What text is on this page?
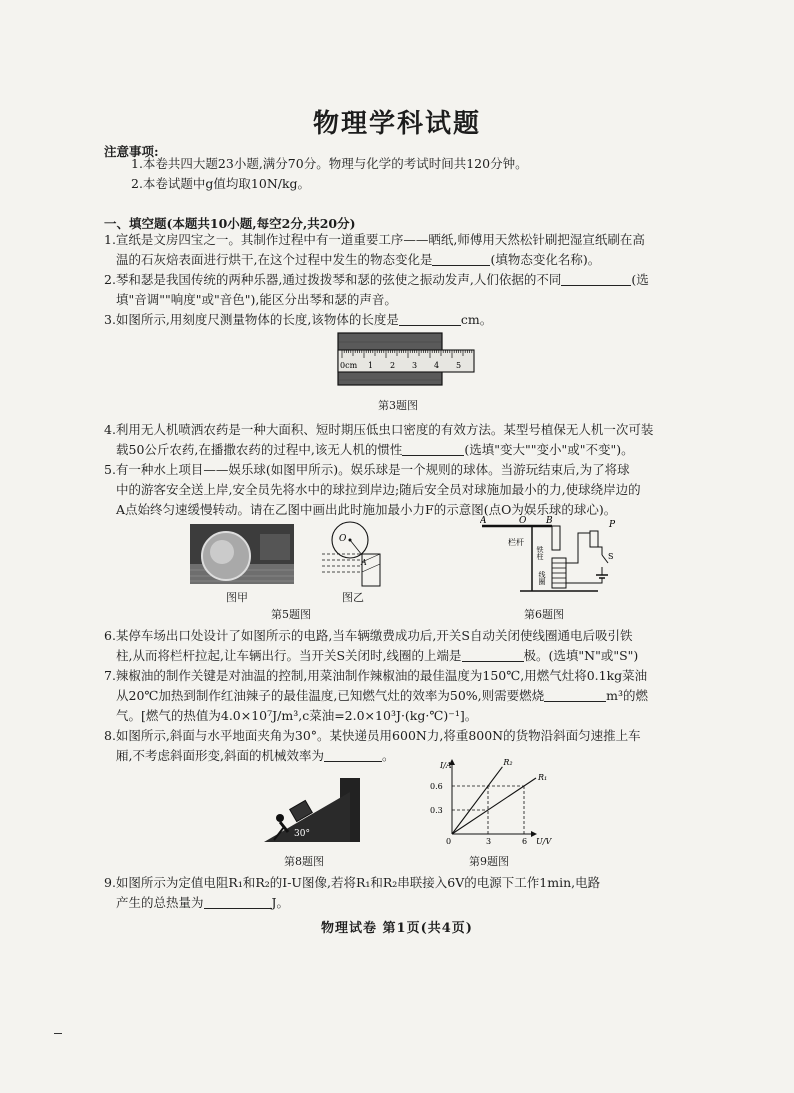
物理学科试题
注意事项:
1.本卷共四大题23小题,满分70分。物理与化学的考试时间共120分钟。
2.本卷试题中g值均取10N/kg。
一、填空题(本题共10小题,每空2分,共20分)
1.宣纸是文房四宝之一。其制作过程中有一道重要工序——晒纸,师傅用天然松针刷把湿宣纸刷在高
温的石灰焙表面进行烘干,在这个过程中发生的物态变化是	(填物态变化名称)。
2.琴和瑟是我国传统的两种乐器,通过拨拨琴和瑟的弦使之振动发声,人们依据的不同	(选
填"音调""响度"或"音色"),能区分出琴和瑟的声音。
3.如图所示,用刻度尺测量物体的长度,该物体的长度是	cm。
0cm 1 2 3 4 5
第3题图
4.利用无人机喷洒农药是一种大面积、短时期压低虫口密度的有效方法。某型号植保无人机一次可装
载50公斤农药,在播撒农药的过程中,该无人机的惯性	(选填"变大""变小"或"不变")。
5.有一种水上项目——娱乐球(如图甲所示)。娱乐球是一个规则的球体。当游玩结束后,为了将球
中的游客安全送上岸,安全员先将水中的球拉到岸边;随后安全员对球施加最小的力,使球绕岸边的
A点始终匀速缓慢转动。请在乙图中画出此时施加最小力F的示意图(点O为娱乐球的球心)。
图甲
O
A
图乙
第5题图
A	O B	P
S
栏杆
铁柱
线圈
第6题图
6.某停车场出口处设计了如图所示的电路,当车辆缴费成功后,开关S自动关闭使线圈通电后吸引铁
柱,从而将栏杆拉起,让车辆出行。当开关S关闭时,线圈的上端是	极。(选填"N"或"S")
7.辣椒油的制作关键是对油温的控制,用菜油制作辣椒油的最佳温度为150℃,用燃气灶将0.1kg菜油
从20℃加热到制作红油辣子的最佳温度,已知燃气灶的效率为50%,则需要燃烧	m³的燃
气。[燃气的热值为4.0×10⁷J/m³,c菜油=2.0×10³J·(kg·℃)⁻¹]。
8.如图所示,斜面与水平地面夹角为30°。某快递员用600N力,将重800N的货物沿斜面匀速推上车
厢,不考虑斜面形变,斜面的机械效率为	。
30°
第8题图
R₂
R₁
0.6
0.3
3	6
I/A
U/V
0
第9题图
9.如图所示为定值电阻R₁和R₂的I-U图像,若将R₁和R₂串联接入6V的电源下工作1min,电路
产生的总热量为	J。
物理试卷 第1页(共4页)
